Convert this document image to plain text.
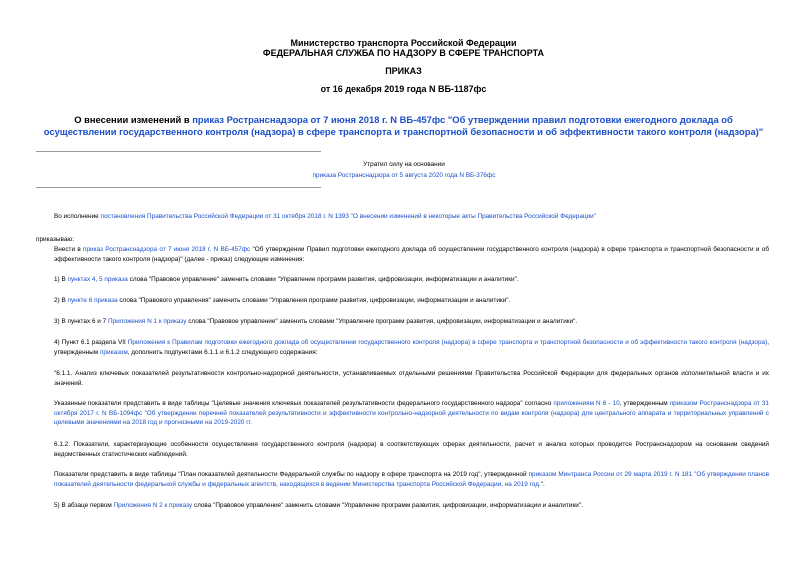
Министерство транспорта Российской Федерации
ФЕДЕРАЛЬНАЯ СЛУЖБА ПО НАДЗОРУ В СФЕРЕ ТРАНСПОРТА
ПРИКАЗ
от 16 декабря 2019 года N ВБ-1187фс
О внесении изменений в приказ Ространснадзора от 7 июня 2018 г. N ВБ-457фс "Об утверждении правил подготовки ежегодного доклада об осуществлении государственного контроля (надзора) в сфере транспорта и транспортной безопасности и об эффективности такого контроля (надзора)"
Утратил силу на основании
приказа Ространснадзора от 5 августа 2020 года N ВБ-376фс
Во исполнение постановления Правительства Российской Федерации от 31 октября 2018 г. N 1393 "О внесении изменений в некоторые акты Правительства Российской Федерации"
приказываю:
Внести в приказ Ространснадзора от 7 июня 2018 г. N ВБ-457фс "Об утверждении Правил подготовки ежегодного доклада об осуществлении государственного контроля (надзора) в сфере транспорта и транспортной безопасности и об эффективности такого контроля (надзора)" (далее - приказ) следующие изменения:
1) В пунктах 4, 5 приказа слова "Правовое управление" заменить словами "Управление программ развития, цифровизации, информатизации и аналитики".
2) В пункте 6 приказа слова "Правового управления" заменить словами "Управления программ развития, цифровизации, информатизации и аналитики".
3) В пунктах 6 и 7 Приложения N 1 к приказу слова "Правовое управление" заменить словами "Управление программ развития, цифровизации, информатизации и аналитики".
4) Пункт 6.1 раздела VII Приложения к Правилам подготовки ежегодного доклада об осуществлении государственного контроля (надзора) в сфере транспорта и транспортной безопасности и об эффективности такого контроля (надзора), утвержденным приказом, дополнить подпунктами 6.1.1 и 6.1.2 следующего содержания:
"6.1.1. Анализ ключевых показателей результативности контрольно-надзорной деятельности, устанавливаемых отдельными решениями Правительства Российской Федерации для федеральных органов исполнительной власти и их значений.
Указанные показатели представить в виде таблицы "Целевые значения ключевых показателей результативности федерального государственного надзора" согласно приложениям N 6 - 10, утвержденным приказом Ространснадзора от 31 октября 2017 г. N ВБ-1094фс "Об утверждении перечней показателей результативности и эффективности контрольно-надзорной деятельности по видам контроля (надзора) для центрального аппарата и территориальных управлений с целевыми значениями на 2018 год и прогнозными на 2019-2020 гг.
6.1.2. Показатели, характеризующие особенности осуществления государственного контроля (надзора) в соответствующих сферах деятельности, расчет и анализ которых проводится Ространснадзором на основании сведений ведомственных статистических наблюдений.
Показатели представить в виде таблицы "План показателей деятельности Федеральной службы по надзору в сфере транспорта на 2019 год", утвержденной приказом Минтранса России от 29 марта 2019 г. N 181 "Об утверждении планов показателей деятельности федеральной службы и федеральных агентств, находящихся в ведении Министерства транспорта Российской Федерации, на 2019 год.".
5) В абзаце первом Приложения N 2 к приказу слова "Правовое управление" заменить словами "Управление программ развития, цифровизации, информатизации и аналитики".
